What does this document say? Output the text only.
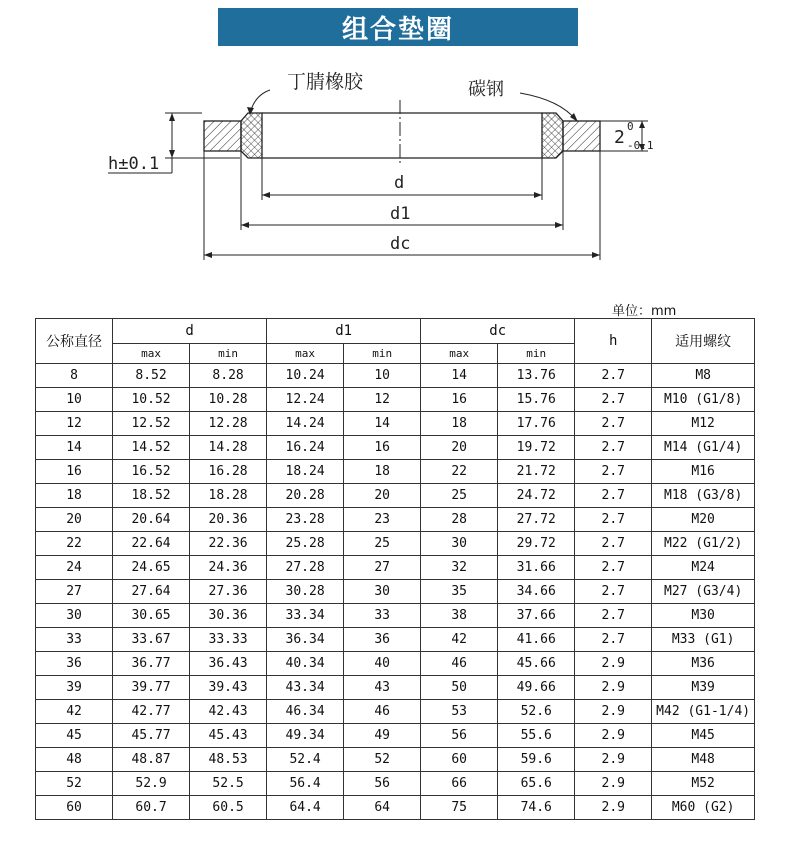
组合垫圈
丁腈橡胶	碳钢
h±0.1
2
0
-0.1
d
d1
dc
单位：mm
公称直径	d		d1		dc		h	适用螺纹
	max	min	max	min	max	min		
8	8.52	8.28	10.24	10	14	13.76	2.7	M8
10	10.52	10.28	12.24	12	16	15.76	2.7	M10 (G1/8)
12	12.52	12.28	14.24	14	18	17.76	2.7	M12
14	14.52	14.28	16.24	16	20	19.72	2.7	M14 (G1/4)
16	16.52	16.28	18.24	18	22	21.72	2.7	M16
18	18.52	18.28	20.28	20	25	24.72	2.7	M18 (G3/8)
20	20.64	20.36	23.28	23	28	27.72	2.7	M20
22	22.64	22.36	25.28	25	30	29.72	2.7	M22 (G1/2)
24	24.65	24.36	27.28	27	32	31.66	2.7	M24
27	27.64	27.36	30.28	30	35	34.66	2.7	M27 (G3/4)
30	30.65	30.36	33.34	33	38	37.66	2.7	M30
33	33.67	33.33	36.34	36	42	41.66	2.7	M33 (G1)
36	36.77	36.43	40.34	40	46	45.66	2.9	M36
39	39.77	39.43	43.34	43	50	49.66	2.9	M39
42	42.77	42.43	46.34	46	53	52.6	2.9	M42 (G1-1/4)
45	45.77	45.43	49.34	49	56	55.6	2.9	M45
48	48.87	48.53	52.4	52	60	59.6	2.9	M48
52	52.9	52.5	56.4	56	66	65.6	2.9	M52
60	60.7	60.5	64.4	64	75	74.6	2.9	M60 (G2)
